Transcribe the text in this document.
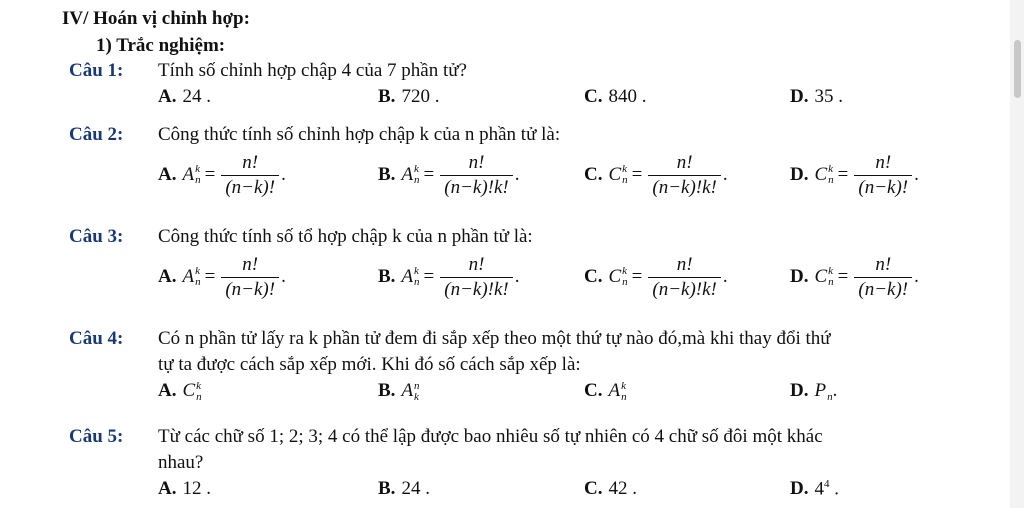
IV/ Hoán vị chỉnh hợp:
1) Trắc nghiệm:
Câu 1: Tính số chỉnh hợp chập 4 của 7 phần tử?
A. 24 .	B. 720 .	C. 840 .	D. 35 .
Câu 2: Công thức tính số chỉnh hợp chập k của n phần tử là:
A. A k
$n = \frac{n!}{(n-k)!}$ .	B. A k
$n = \frac{n!}{(n-k)!k!}$ .	C. C k
$n = \frac{n!}{(n-k)!k!}$ .	D. C k
$n = \frac{n!}{(n-k)!}$ .
Câu 3: Công thức tính số tổ hợp chập k của n phần tử là:
A. A k
$n = \frac{n!}{(n-k)!}$ .	B. A k
$n = \frac{n!}{(n-k)!k!}$ .	C. C k
$n = \frac{n!}{(n-k)!k!}$ .	D. C k
$n = \frac{n!}{(n-k)!}$ .
Câu 4: Có n phần tử lấy ra k phần tử đem đi sắp xếp theo một thứ tự nào đó,mà khi thay đổi thứ
tự ta được cách sắp xếp mới. Khi đó số cách sắp xếp là:
A. C k
n	B. A n
k	C. A k
n	D. P
n .
Câu 5: Từ các chữ số 1; 2; 3; 4 có thể lập được bao nhiêu số tự nhiên có 4 chữ số đôi một khác
nhau?
A. 12 .	B. 24 .	C. 42 .	D. $4^4$ .
